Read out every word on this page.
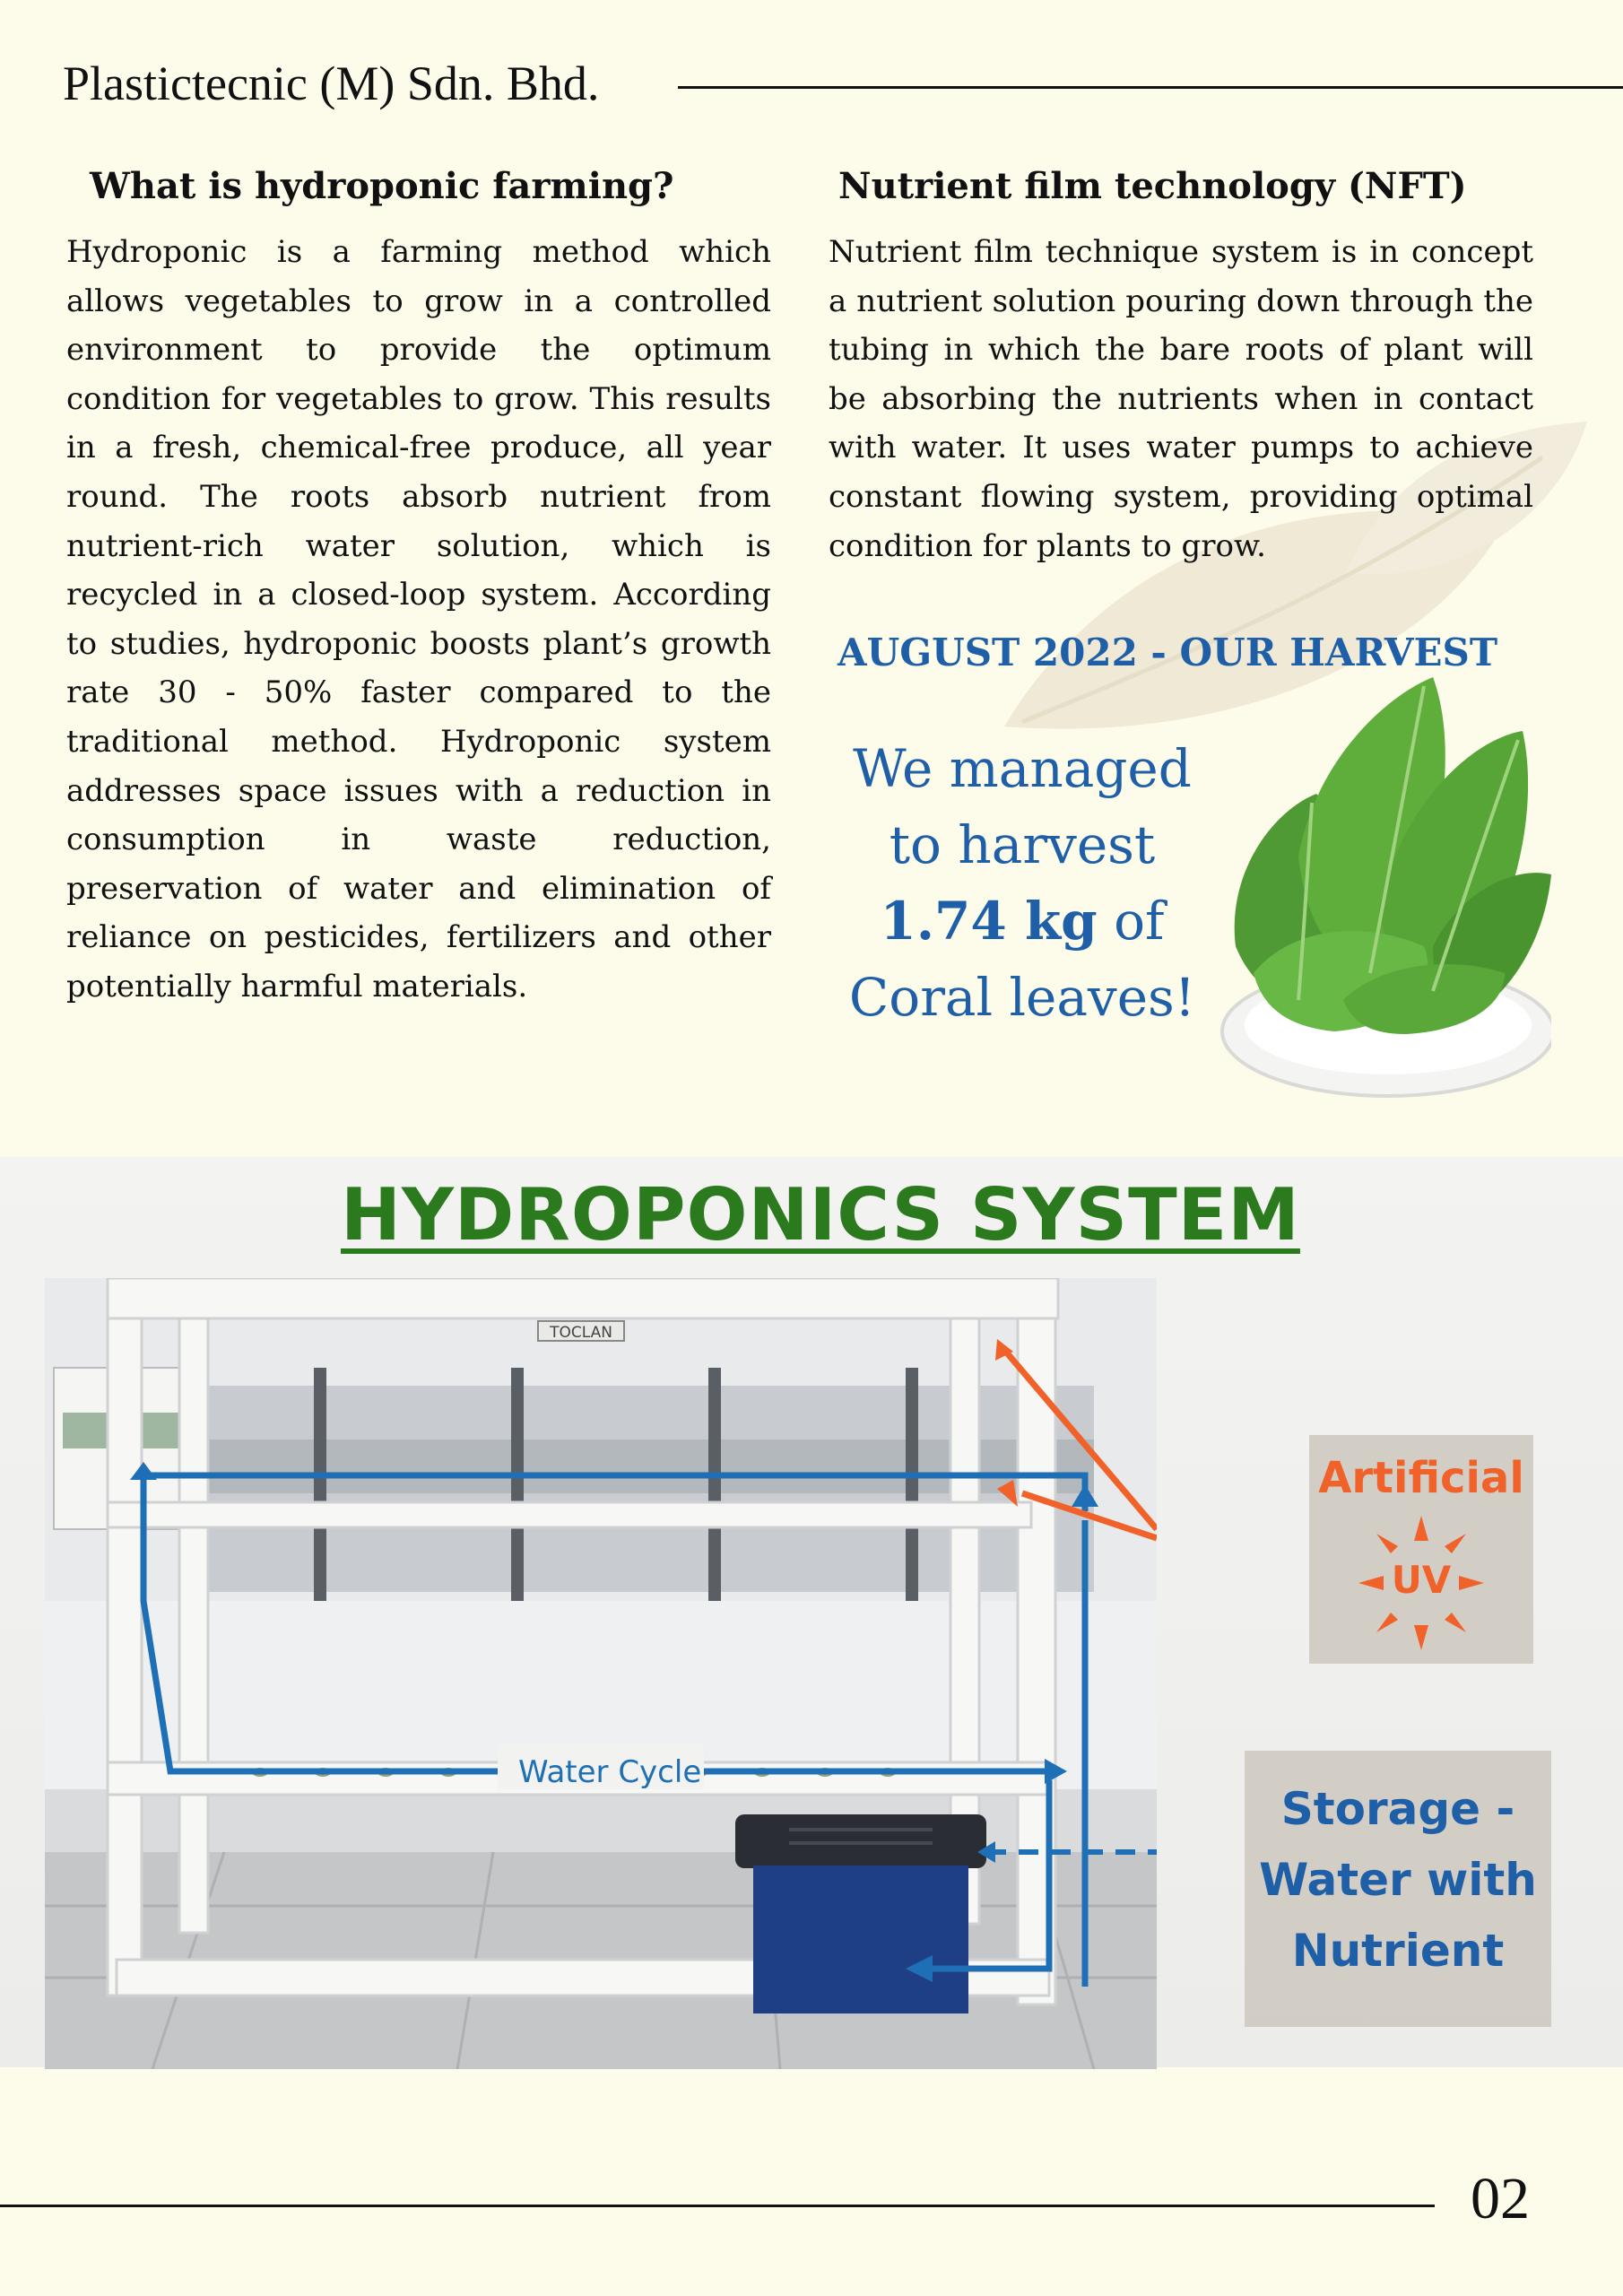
Plastictecnic (M) Sdn. Bhd.
What is hydroponic farming?
Hydroponic is a farming method which allows vegetables to grow in a controlled environment to provide the optimum condition for vegetables to grow. This results in a fresh, chemical-free produce, all year round. The roots absorb nutrient from nutrient-rich water solution, which is recycled in a closed-loop system. According to studies, hydroponic boosts plant’s growth rate 30 - 50% faster compared to the traditional method. Hydroponic system addresses space issues with a reduction in consumption in waste reduction, preservation of water and elimination of reliance on pesticides, fertilizers and other potentially harmful materials.
Nutrient film technology (NFT)
Nutrient film technique system is in concept a nutrient solution pouring down through the tubing in which the bare roots of plant will be absorbing the nutrients when in contact with water. It uses water pumps to achieve constant flowing system, providing optimal condition for plants to grow.
AUGUST 2022 - OUR HARVEST
We managed
to harvest
1.74 kg of
Coral leaves!
HYDROPONICS SYSTEM
TOCLAN
Artificial
UV
Storage -
Water with
Nutrient
Water Cycle
02
